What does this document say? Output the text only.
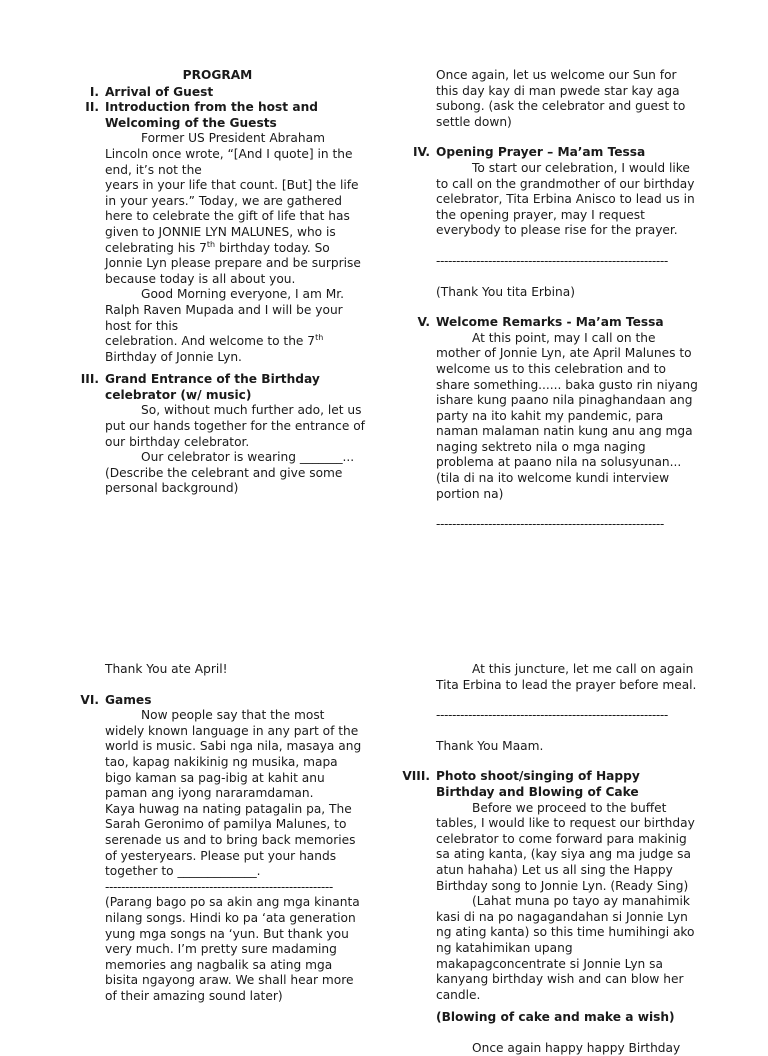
PROGRAM

I. Arrival of Guest
II. Introduction from the host and Welcoming of the Guests

Former US President Abraham Lincoln once wrote, “[And I quote] in the end, it’s not the

years in your life that count. [But] the life in your years.” Today, we are gathered here to celebrate the gift of life that has given to JONNIE LYN MALUNES, who is celebrating his 7th birthday today. So Jonnie Lyn please prepare and be surprise because today is all about you.

Good Morning everyone, I am Mr. Ralph Raven Mupada and I will be your host for this

celebration. And welcome to the 7th Birthday of Jonnie Lyn.

III. Grand Entrance of the Birthday celebrator (w/ music)

So, without much further ado, let us put our hands together for the entrance of our birthday celebrator.

Our celebrator is wearing _______...

(Describe the celebrant and give some personal background)

Once again, let us welcome our Sun for this day kay di man pwede star kay aga subong. (ask the celebrator and guest to settle down)

IV. Opening Prayer – Ma’am Tessa

To start our celebration, I would like to call on the grandmother of our birthday celebrator, Tita Erbina Anisco to lead us in the opening prayer, may I request everybody to please rise for the prayer.

----------------------------------------------------------

(Thank You tita Erbina)

V. Welcome Remarks - Ma’am Tessa

At this point, may I call on the mother of Jonnie Lyn, ate April Malunes to welcome us to this celebration and to share something...... baka gusto rin niyang ishare kung paano nila pinaghandaan ang party na ito kahit my pandemic, para naman malaman natin kung anu ang mga naging sektreto nila o mga naging problema at paano nila na solusyunan...(tila di na ito welcome kundi interview portion na)

---------------------------------------------------------

Thank You ate April!

VI. Games

Now people say that the most widely known language in any part of the world is music. Sabi nga nila, masaya ang tao, kapag nakikinig ng musika, mapa bigo kaman sa pag-ibig at kahit anu paman ang iyong nararamdaman.

Kaya huwag na nating patagalin pa, The Sarah Geronimo of pamilya Malunes, to serenade us and to bring back memories of yesteryears. Please put your hands together to _____________.

---------------------------------------------------------

(Parang bago po sa akin ang mga kinanta nilang songs. Hindi ko pa ‘ata generation yung mga songs na ‘yun. But thank you very much. I’m pretty sure madaming memories ang nagbalik sa ating mga bisita ngayong araw. We shall hear more of their amazing sound later)

At this juncture, let me call on again Tita Erbina to lead the prayer before meal.

----------------------------------------------------------

Thank You Maam.

VIII. Photo shoot/singing of Happy Birthday and Blowing of Cake

Before we proceed to the buffet tables, I would like to request our birthday celebrator to come forward para makinig sa ating kanta, (kay siya ang ma judge sa atun hahaha) Let us all sing the Happy Birthday song to Jonnie Lyn. (Ready Sing)

(Lahat muna po tayo ay manahimik kasi di na po nagagandahan si Jonnie Lyn ng ating kanta) so this time humihingi ako ng katahimikan upang makapagconcentrate si Jonnie Lyn sa kanyang birthday wish and can blow her candle.

(Blowing of cake and make a wish)

Once again happy happy Birthday
